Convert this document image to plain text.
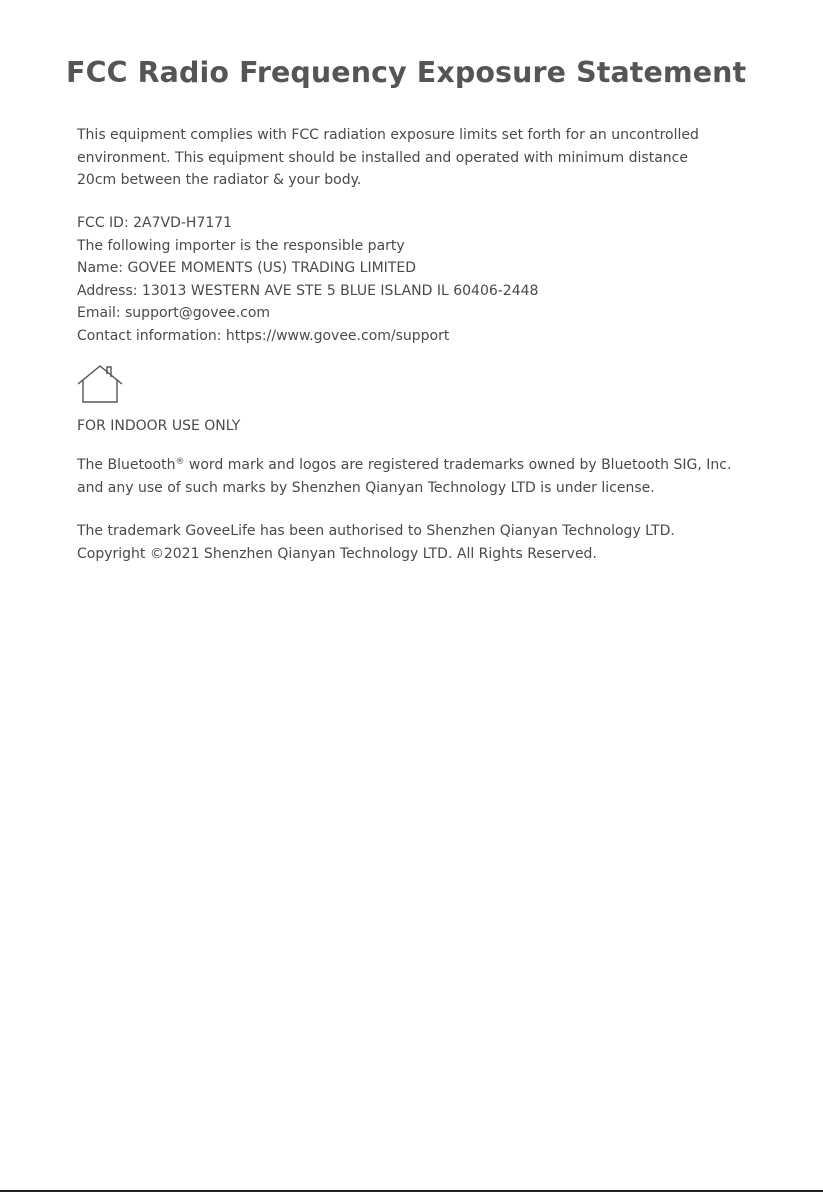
FCC Radio Frequency Exposure Statement
This equipment complies with FCC radiation exposure limits set forth for an uncontrolled
environment. This equipment should be installed and operated with minimum distance
20cm between the radiator & your body.
FCC ID: 2A7VD-H7171
The following importer is the responsible party
Name: GOVEE MOMENTS (US) TRADING LIMITED
Address: 13013 WESTERN AVE STE 5 BLUE ISLAND IL 60406-2448
Email: support@govee.com
Contact information: https://www.govee.com/support
FOR INDOOR USE ONLY
The Bluetooth® word mark and logos are registered trademarks owned by Bluetooth SIG, Inc.
and any use of such marks by Shenzhen Qianyan Technology LTD is under license.
The trademark GoveeLife has been authorised to Shenzhen Qianyan Technology LTD.
Copyright ©2021 Shenzhen Qianyan Technology LTD. All Rights Reserved.
